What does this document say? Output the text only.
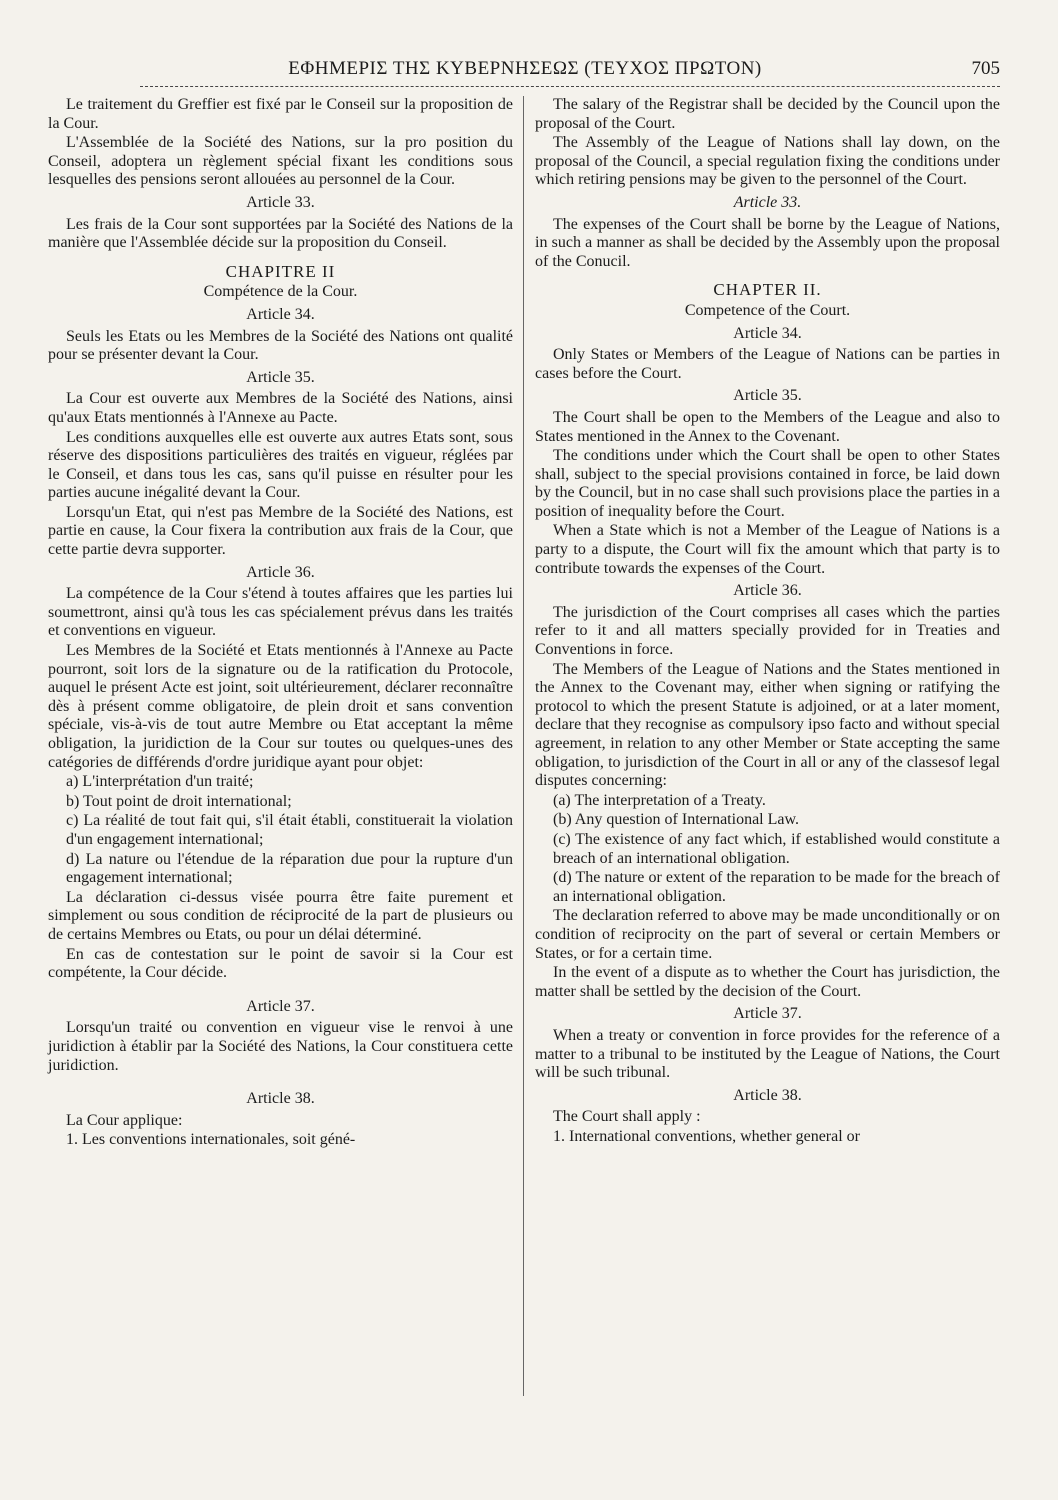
ΕΦΗΜΕΡΙΣ ΤΗΣ ΚΥΒΕΡΝΗΣΕΩΣ (ΤΕΥΧΟΣ ΠΡΩΤΟΝ)	705

Le traitement du Greffier est fixé par le Conseil sur la proposition de la Cour.

L'Assemblée de la Société des Nations, sur la pro position du Conseil, adoptera un règlement spécial fixant les conditions sous lesquelles des pensions seront allouées au personnel de la Cour.

Article 33.

Les frais de la Cour sont supportées par la Société des Nations de la manière que l'Assemblée décide sur la proposition du Conseil.

CHAPITRE II
Compétence de la Cour.
Article 34.

Seuls les Etats ou les Membres de la Société des Nations ont qualité pour se présenter devant la Cour.

Article 35.

La Cour est ouverte aux Membres de la Société des Nations, ainsi qu'aux Etats mentionnés à l'Annexe au Pacte.

Les conditions auxquelles elle est ouverte aux autres Etats sont, sous réserve des dispositions particulières des traités en vigueur, réglées par le Conseil, et dans tous les cas, sans qu'il puisse en résulter pour les parties aucune inégalité devant la Cour.

Lorsqu'un Etat, qui n'est pas Membre de la Société des Nations, est partie en cause, la Cour fixera la contribution aux frais de la Cour, que cette partie devra supporter.

Article 36.

La compétence de la Cour s'étend à toutes affaires que les parties lui soumettront, ainsi qu'à tous les cas spécialement prévus dans les traités et conventions en vigueur.

Les Membres de la Société et Etats mentionnés à l'Annexe au Pacte pourront, soit lors de la signature ou de la ratification du Protocole, auquel le présent Acte est joint, soit ultérieurement, déclarer reconnaître dès à présent comme obligatoire, de plein droit et sans convention spéciale, vis-à-vis de tout autre Membre ou Etat acceptant la même obligation, la juridiction de la Cour sur toutes ou quelques-unes des catégories de différends d'ordre juridique ayant pour objet:

a) L'interprétation d'un traité;

b) Tout point de droit international;

c) La réalité de tout fait qui, s'il était établi, constituerait la violation d'un engagement international;

d) La nature ou l'étendue de la réparation due pour la rupture d'un engagement international;

La déclaration ci-dessus visée pourra être faite purement et simplement ou sous condition de réciprocité de la part de plusieurs ou de certains Membres ou Etats, ou pour un délai déterminé.

En cas de contestation sur le point de savoir si la Cour est compétente, la Cour décide.

Article 37.

Lorsqu'un traité ou convention en vigueur vise le renvoi à une juridiction à établir par la Société des Nations, la Cour constituera cette juridiction.

Article 38.

La Cour applique:

1. Les conventions internationales, soit géné-

The salary of the Registrar shall be decided by the Council upon the proposal of the Court.

The Assembly of the League of Nations shall lay down, on the proposal of the Council, a special regulation fixing the conditions under which retiring pensions may be given to the personnel of the Court.

Article 33.

The expenses of the Court shall be borne by the League of Nations, in such a manner as shall be decided by the Assembly upon the proposal of the Conucil.

CHAPTER II.
Competence of the Court.
Article 34.

Only States or Members of the League of Nations can be parties in cases before the Court.

Article 35.

The Court shall be open to the Members of the League and also to States mentioned in the Annex to the Covenant.

The conditions under which the Court shall be open to other States shall, subject to the special provisions contained in force, be laid down by the Council, but in no case shall such provisions place the parties in a position of inequality before the Court.

When a State which is not a Member of the League of Nations is a party to a dispute, the Court will fix the amount which that party is to contribute towards the expenses of the Court.

Article 36.

The jurisdiction of the Court comprises all cases which the parties refer to it and all matters specially provided for in Treaties and Conventions in force.

The Members of the League of Nations and the States mentioned in the Annex to the Covenant may, either when signing or ratifying the protocol to which the present Statute is adjoined, or at a later moment, declare that they recognise as compulsory ipso facto and without special agreement, in relation to any other Member or State accepting the same obligation, to jurisdiction of the Court in all or any of the classesof legal disputes concerning:

(a) The interpretation of a Treaty.

(b) Any question of International Law.

(c) The existence of any fact which, if established would constitute a breach of an international obligation.

(d) The nature or extent of the reparation to be made for the breach of an international obligation.

The declaration referred to above may be made unconditionally or on condition of reciprocity on the part of several or certain Members or States, or for a certain time.

In the event of a dispute as to whether the Court has jurisdiction, the matter shall be settled by the decision of the Court.

Article 37.

When a treaty or convention in force provides for the reference of a matter to a tribunal to be instituted by the League of Nations, the Court will be such tribunal.

Article 38.

The Court shall apply :

1. International conventions, whether general or
